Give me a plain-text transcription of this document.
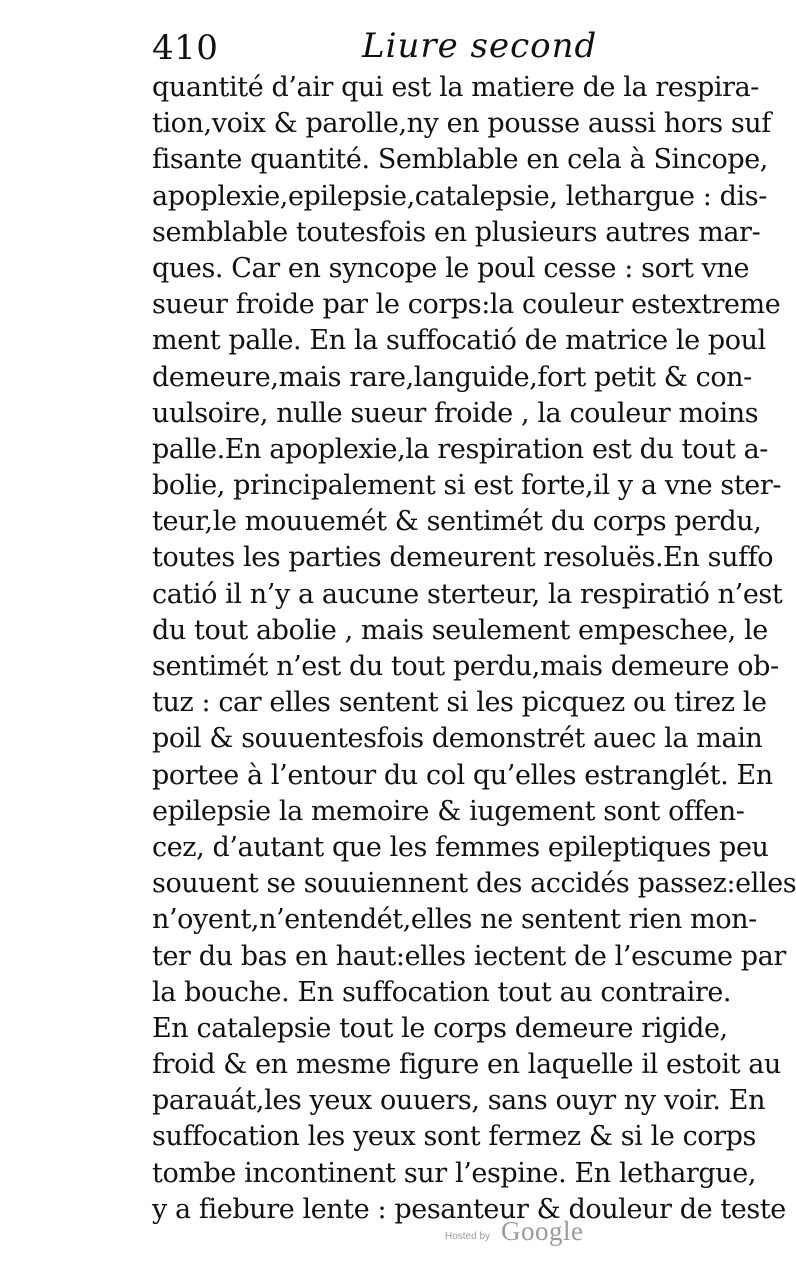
410	Liure second
quantité d’air qui est la matiere de la respira-
tion,voix & parolle,ny en pousse aussi hors suf
fisante quantité. Semblable en cela à Sincope,
apoplexie,epilepsie,catalepsie, lethargue : dis-
semblable toutesfois en plusieurs autres mar-
ques. Car en syncope le poul cesse : sort vne
sueur froide par le corps:la couleur estextreme
ment palle. En la suffocatió de matrice le poul
demeure,mais rare,languide,fort petit & con-
uulsoire, nulle sueur froide , la couleur moins
palle.En apoplexie,la respiration est du tout a-
bolie, principalement si est forte,il y a vne ster-
teur,le mouuemét & sentimét du corps perdu,
toutes les parties demeurent resoluës.En suffo
catió il n’y a aucune sterteur, la respiratió n’est
du tout abolie , mais seulement empeschee, le
sentimét n’est du tout perdu,mais demeure ob-
tuz : car elles sentent si les picquez ou tirez le
poil & souuentesfois demonstrét auec la main
portee à l’entour du col qu’elles estranglét. En
epilepsie la memoire & iugement sont offen-
cez, d’autant que les femmes epileptiques peu
souuent se souuiennent des accidés passez:elles
n’oyent,n’entendét,elles ne sentent rien mon-
ter du bas en haut:elles iectent de l’escume par
la bouche. En suffocation tout au contraire.
En catalepsie tout le corps demeure rigide,
froid & en mesme figure en laquelle il estoit au
parauát,les yeux ouuers, sans ouyr ny voir. En
suffocation les yeux sont fermez & si le corps
tombe incontinent sur l’espine. En lethargue,
y a fiebure lente : pesanteur & douleur de teste
Hosted by Google
